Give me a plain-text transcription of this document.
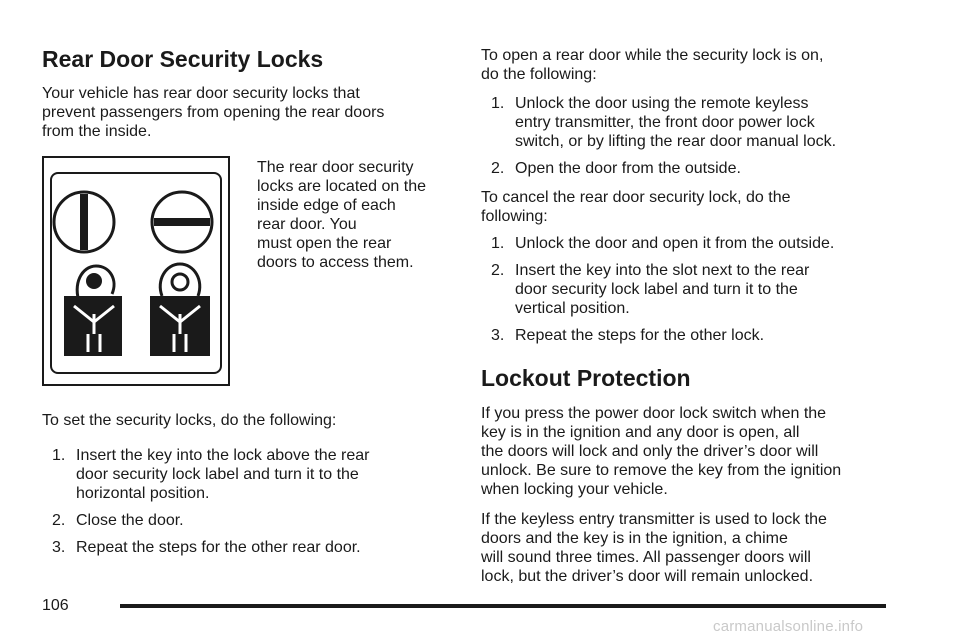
Rear Door Security Locks

Your vehicle has rear door security locks that

prevent passengers from opening the rear doors

from the inside.

The rear door security

locks are located on the

inside edge of each

rear door. You

must open the rear

doors to access them.

To set the security locks, do the following:

1. Insert the key into the lock above the rear
door security lock label and turn it to the
horizontal position.
2. Close the door.
3. Repeat the steps for the other rear door.

To open a rear door while the security lock is on,

do the following:

1. Unlock the door using the remote keyless
entry transmitter, the front door power lock
switch, or by lifting the rear door manual lock.
2. Open the door from the outside.

To cancel the rear door security lock, do the

following:

1. Unlock the door and open it from the outside.
2. Insert the key into the slot next to the rear
door security lock label and turn it to the
vertical position.
3. Repeat the steps for the other lock.
Lockout Protection

If you press the power door lock switch when the

key is in the ignition and any door is open, all

the doors will lock and only the driver’s door will

unlock. Be sure to remove the key from the ignition

when locking your vehicle.

If the keyless entry transmitter is used to lock the

doors and the key is in the ignition, a chime

will sound three times. All passenger doors will

lock, but the driver’s door will remain unlocked.

106
carmanualsonline.info
